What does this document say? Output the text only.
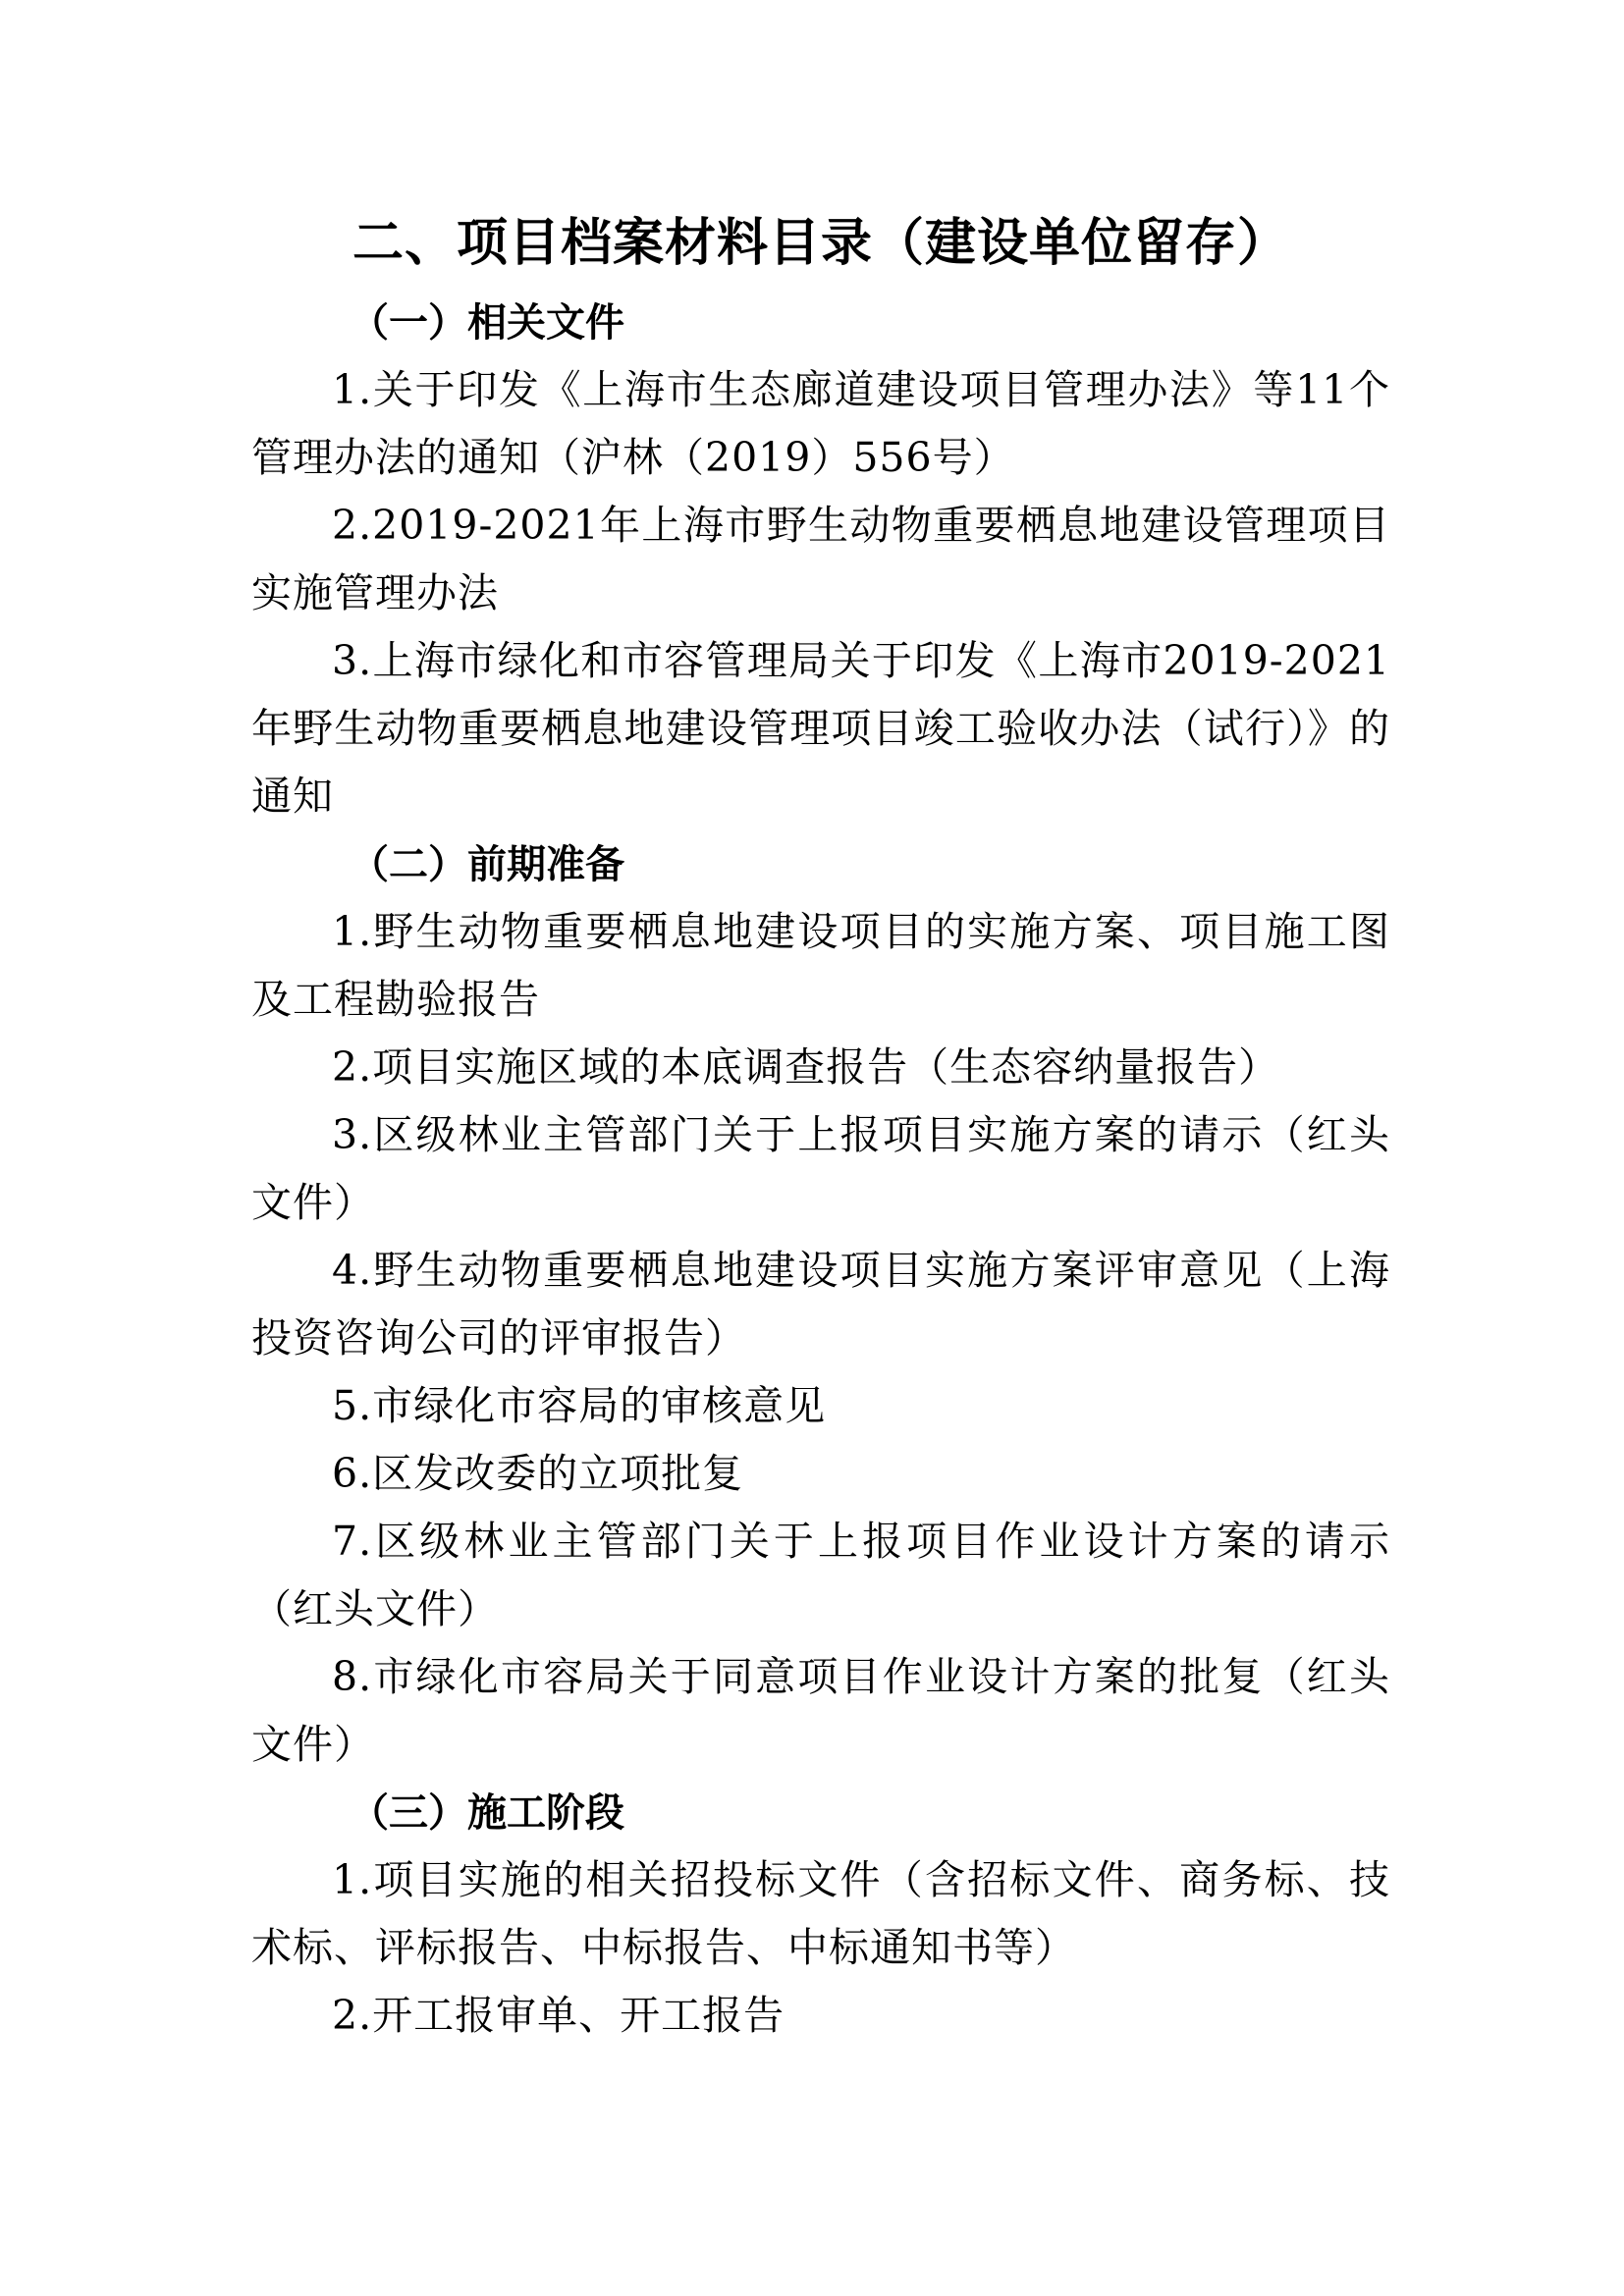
二、项目档案材料目录（建设单位留存）
（一）相关文件

1.关于印发《上海市生态廊道建设项目管理办法》等11个管理办法的通知（沪林（2019）556号）

2.2019-2021年上海市野生动物重要栖息地建设管理项目实施管理办法

3.上海市绿化和市容管理局关于印发《上海市2019-2021年野生动物重要栖息地建设管理项目竣工验收办法（试行）》的通知

（二）前期准备

1.野生动物重要栖息地建设项目的实施方案、项目施工图及工程勘验报告

2.项目实施区域的本底调查报告（生态容纳量报告）

3.区级林业主管部门关于上报项目实施方案的请示（红头文件）

4.野生动物重要栖息地建设项目实施方案评审意见（上海投资咨询公司的评审报告）

5.市绿化市容局的审核意见

6.区发改委的立项批复

7.区级林业主管部门关于上报项目作业设计方案的请示（红头文件）

8.市绿化市容局关于同意项目作业设计方案的批复（红头文件）

（三）施工阶段

1.项目实施的相关招投标文件（含招标文件、商务标、技术标、评标报告、中标报告、中标通知书等）

2.开工报审单、开工报告
